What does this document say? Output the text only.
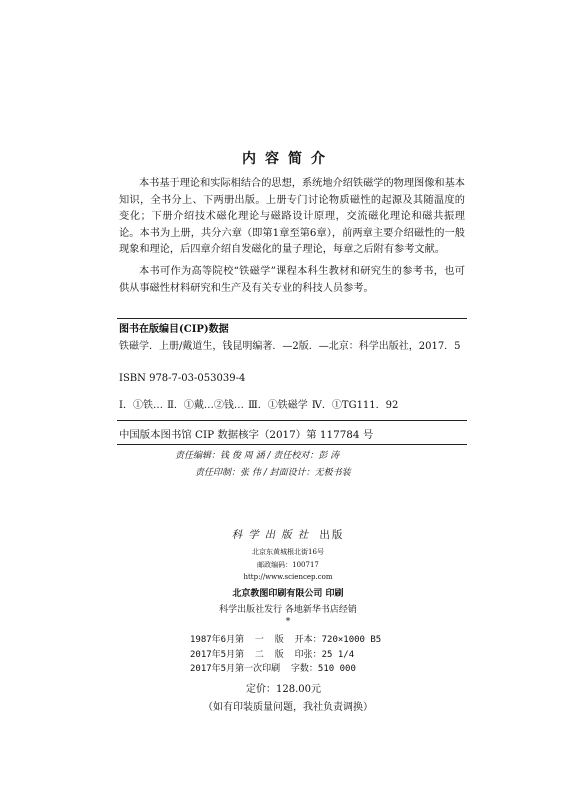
内容简介

本书基于理论和实际相结合的思想，系统地介绍铁磁学的物理图像和基本知识，全书分上、下两册出版。上册专门讨论物质磁性的起源及其随温度的变化；下册介绍技术磁化理论与磁路设计原理，交流磁化理论和磁共振理论。本书为上册，共分六章（即第1章至第6章），前两章主要介绍磁性的一般现象和理论，后四章介绍自发磁化的量子理论，每章之后附有参考文献。

本书可作为高等院校“铁磁学”课程本科生教材和研究生的参考书，也可供从事磁性材料研究和生产及有关专业的科技人员参考。

图书在版编目(CIP)数据
铁磁学．上册/戴道生，钱昆明编著．—2版．—北京：科学出版社，2017．5
ISBN 978-7-03-053039-4
Ⅰ．①铁… Ⅱ．①戴…②钱… Ⅲ．①铁磁学 Ⅳ．①TG111．92
中国版本图书馆 CIP 数据核字（2017）第 117784 号
责任编辑：钱 俊 周 涵 / 责任校对：彭 涛
责任印制：张 伟 / 封面设计：无极书装
科学出版社 出版
北京东黄城根北街16号
邮政编码：100717
http://www.sciencep.com
北京教图印刷有限公司 印刷
科学出版社发行 各地新华书店经销
*
1987年6月第  一  版  开本：720×1000 B5
2017年5月第  二  版  印张：25 1/4
2017年5月第一次印刷  字数：510 000
定价：128.00元
（如有印装质量问题，我社负责调换）
